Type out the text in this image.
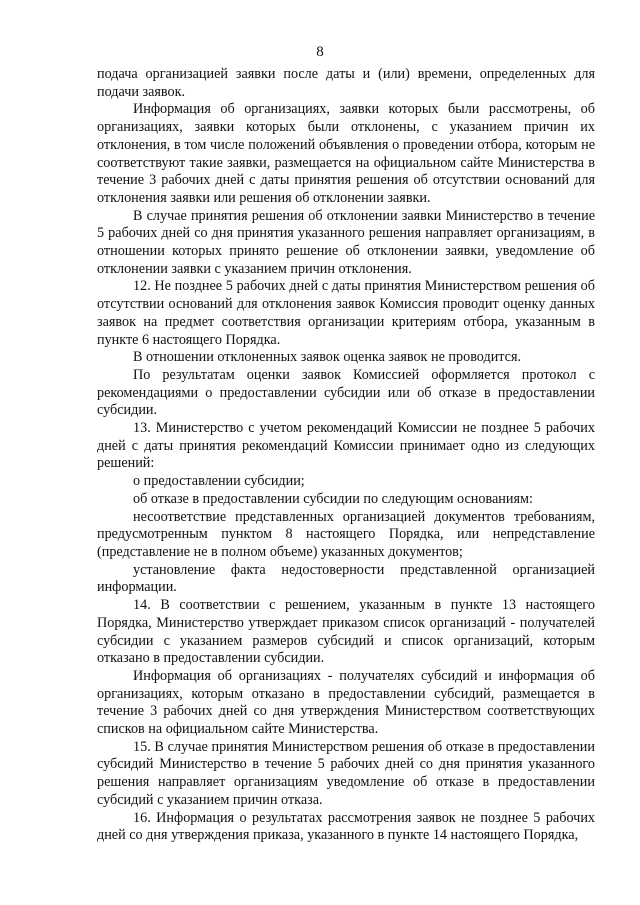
8

подача организацией заявки после даты и (или) времени, определенных для подачи заявок.

Информация об организациях, заявки которых были рассмотрены, об организациях, заявки которых были отклонены, с указанием причин их отклонения, в том числе положений объявления о проведении отбора, которым не соответствуют такие заявки, размещается на официальном сайте Министерства в течение 3 рабочих дней с даты принятия решения об отсутствии оснований для отклонения заявки или решения об отклонении заявки.

В случае принятия решения об отклонении заявки Министерство в течение 5 рабочих дней со дня принятия указанного решения направляет организациям, в отношении которых принято решение об отклонении заявки, уведомление об отклонении заявки с указанием причин отклонения.

12. Не позднее 5 рабочих дней с даты принятия Министерством решения об отсутствии оснований для отклонения заявок Комиссия проводит оценку данных заявок на предмет соответствия организации критериям отбора, указанным в пункте 6 настоящего Порядка.

В отношении отклоненных заявок оценка заявок не проводится.

По результатам оценки заявок Комиссией оформляется протокол с рекомендациями о предоставлении субсидии или об отказе в предоставлении субсидии.

13. Министерство с учетом рекомендаций Комиссии не позднее 5 рабочих дней с даты принятия рекомендаций Комиссии принимает одно из следующих решений:

о предоставлении субсидии;

об отказе в предоставлении субсидии по следующим основаниям:

несоответствие представленных организацией документов требованиям, предусмотренным пунктом 8 настоящего Порядка, или непредставление (представление не в полном объеме) указанных документов;

установление факта недостоверности представленной организацией информации.

14. В соответствии с решением, указанным в пункте 13 настоящего Порядка, Министерство утверждает приказом список организаций - получателей субсидии с указанием размеров субсидий и список организаций, которым отказано в предоставлении субсидии.

Информация об организациях - получателях субсидий и информация об организациях, которым отказано в предоставлении субсидий, размещается в течение 3 рабочих дней со дня утверждения Министерством соответствующих списков на официальном сайте Министерства.

15. В случае принятия Министерством решения об отказе в предоставлении субсидий Министерство в течение 5 рабочих дней со дня принятия указанного решения направляет организациям уведомление об отказе в предоставлении субсидий с указанием причин отказа.

16. Информация о результатах рассмотрения заявок не позднее 5 рабочих дней со дня утверждения приказа, указанного в пункте 14 настоящего Порядка,
